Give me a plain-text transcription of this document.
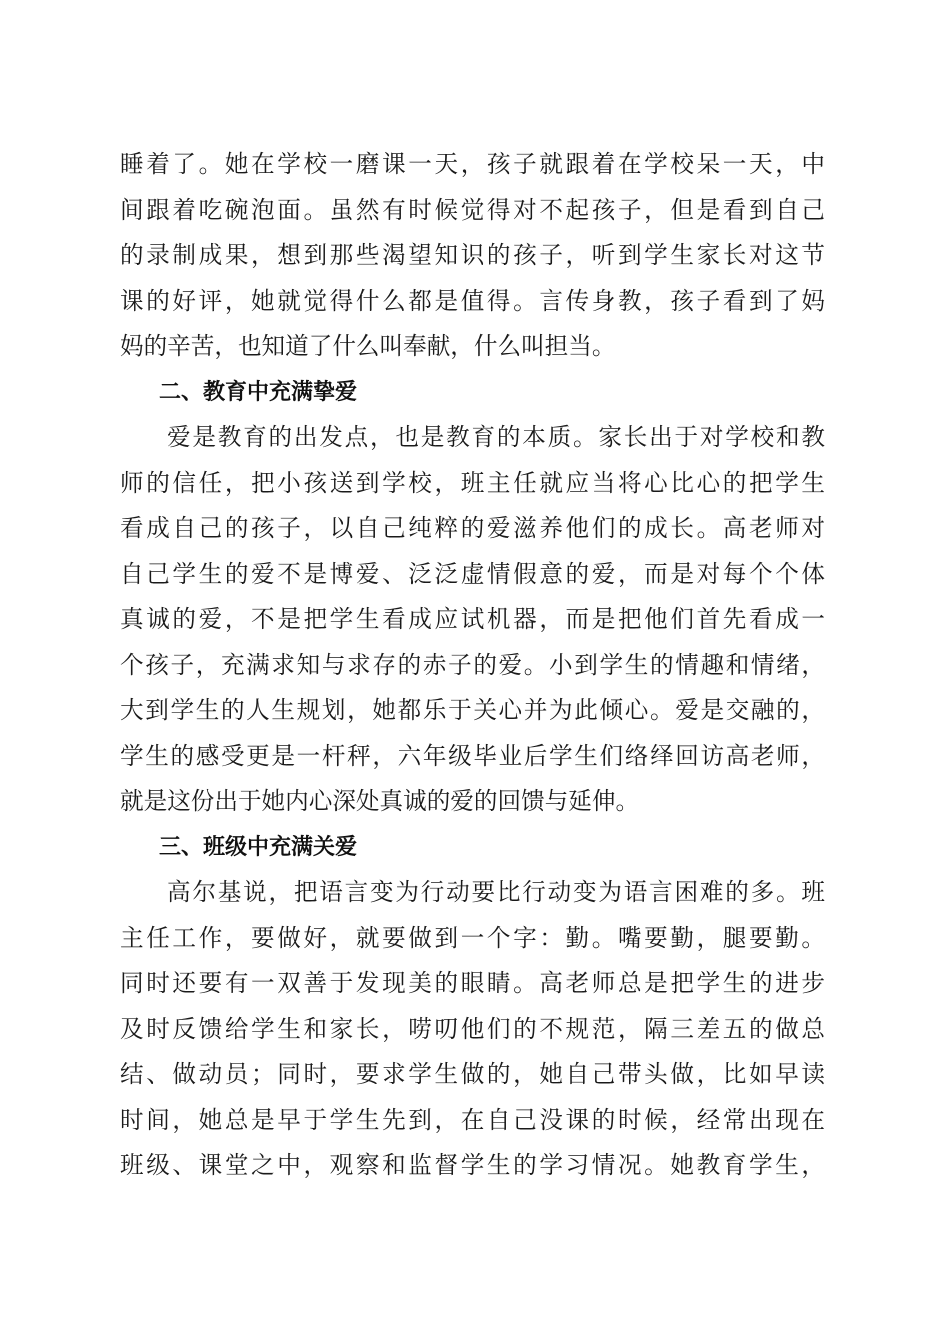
睡着了。她在学校一磨课一天，孩子就跟着在学校呆一天，中
间跟着吃碗泡面。虽然有时候觉得对不起孩子，但是看到自己
的录制成果，想到那些渴望知识的孩子，听到学生家长对这节
课的好评，她就觉得什么都是值得。言传身教，孩子看到了妈
妈的辛苦，也知道了什么叫奉献，什么叫担当。
二、教育中充满挚爱
爱是教育的出发点，也是教育的本质。家长出于对学校和教
师的信任，把小孩送到学校，班主任就应当将心比心的把学生
看成自己的孩子，以自己纯粹的爱滋养他们的成长。高老师对
自己学生的爱不是博爱、泛泛虚情假意的爱，而是对每个个体
真诚的爱，不是把学生看成应试机器，而是把他们首先看成一
个孩子，充满求知与求存的赤子的爱。小到学生的情趣和情绪，
大到学生的人生规划，她都乐于关心并为此倾心。爱是交融的，
学生的感受更是一杆秤，六年级毕业后学生们络绎回访高老师，
就是这份出于她内心深处真诚的爱的回馈与延伸。
三、班级中充满关爱
高尔基说，把语言变为行动要比行动变为语言困难的多。班
主任工作，要做好，就要做到一个字：勤。嘴要勤，腿要勤。
同时还要有一双善于发现美的眼睛。高老师总是把学生的进步
及时反馈给学生和家长，唠叨他们的不规范，隔三差五的做总
结、做动员；同时，要求学生做的，她自己带头做，比如早读
时间，她总是早于学生先到，在自己没课的时候，经常出现在
班级、课堂之中，观察和监督学生的学习情况。她教育学生，
